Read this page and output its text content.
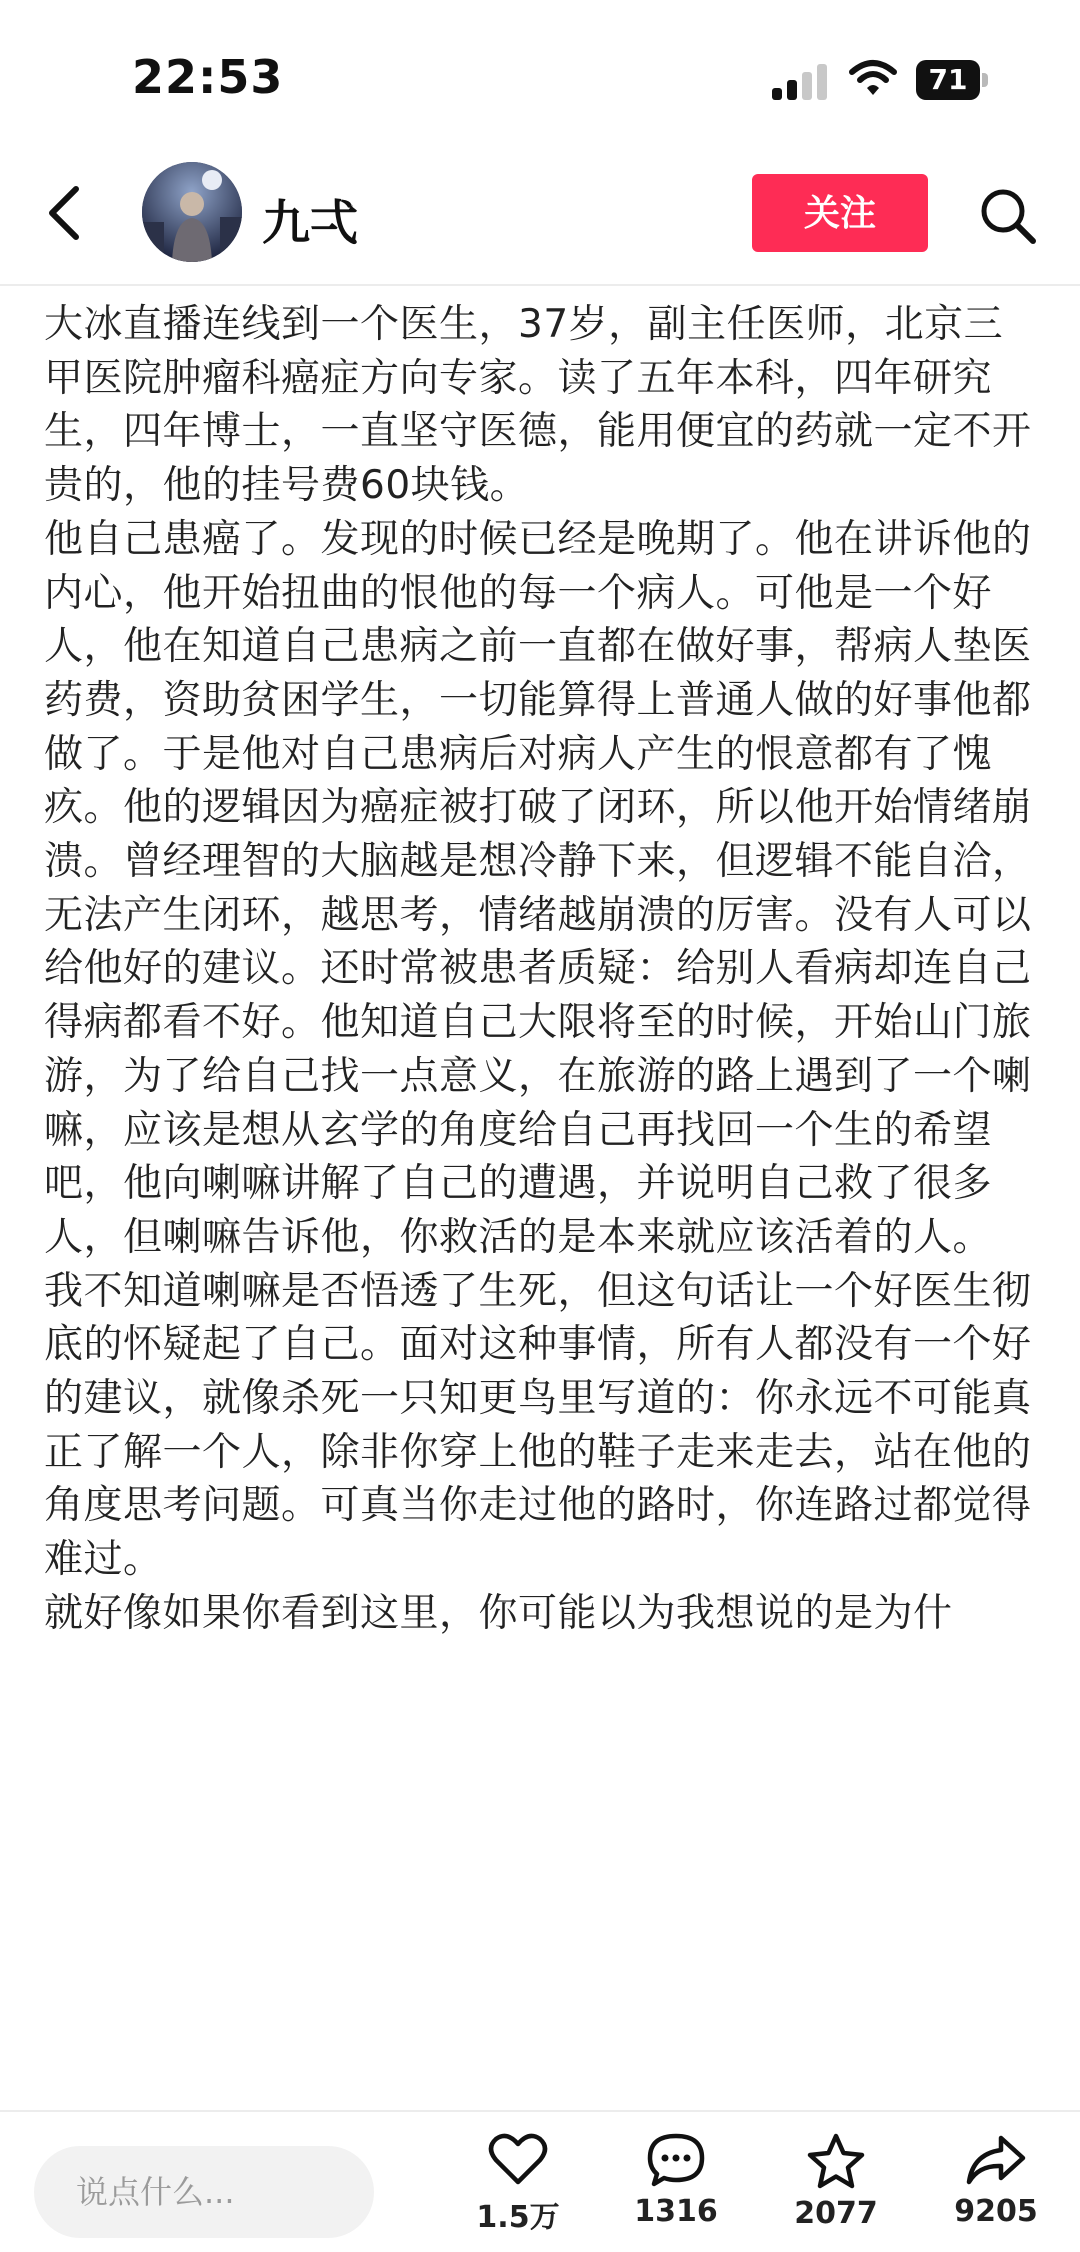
22:53	71
九弌	关注

大冰直播连线到一个医生，37岁，副主任医师，北京三甲医院肿瘤科癌症方向专家。读了五年本科，四年研究生，四年博士，一直坚守医德，能用便宜的药就一定不开贵的，他的挂号费60块钱。

他自己患癌了。发现的时候已经是晚期了。他在讲诉他的内心，他开始扭曲的恨他的每一个病人。可他是一个好人，他在知道自己患病之前一直都在做好事，帮病人垫医药费，资助贫困学生，一切能算得上普通人做的好事他都做了。于是他对自己患病后对病人产生的恨意都有了愧疚。他的逻辑因为癌症被打破了闭环，所以他开始情绪崩溃。曾经理智的大脑越是想冷静下来，但逻辑不能自洽，无法产生闭环，越思考，情绪越崩溃的厉害。没有人可以给他好的建议。还时常被患者质疑：给别人看病却连自己得病都看不好。他知道自己大限将至的时候，开始山门旅游，为了给自己找一点意义，在旅游的路上遇到了一个喇嘛，应该是想从玄学的角度给自己再找回一个生的希望吧，他向喇嘛讲解了自己的遭遇，并说明自己救了很多人，但喇嘛告诉他，你救活的是本来就应该活着的人。

我不知道喇嘛是否悟透了生死，但这句话让一个好医生彻底的怀疑起了自己。面对这种事情，所有人都没有一个好的建议，就像杀死一只知更鸟里写道的：你永远不可能真正了解一个人，除非你穿上他的鞋子走来走去，站在他的角度思考问题。可真当你走过他的路时，你连路过都觉得难过。

就好像如果你看到这里，你可能以为我想说的是为什

说点什么...
1.5万	1316	2077	9205
